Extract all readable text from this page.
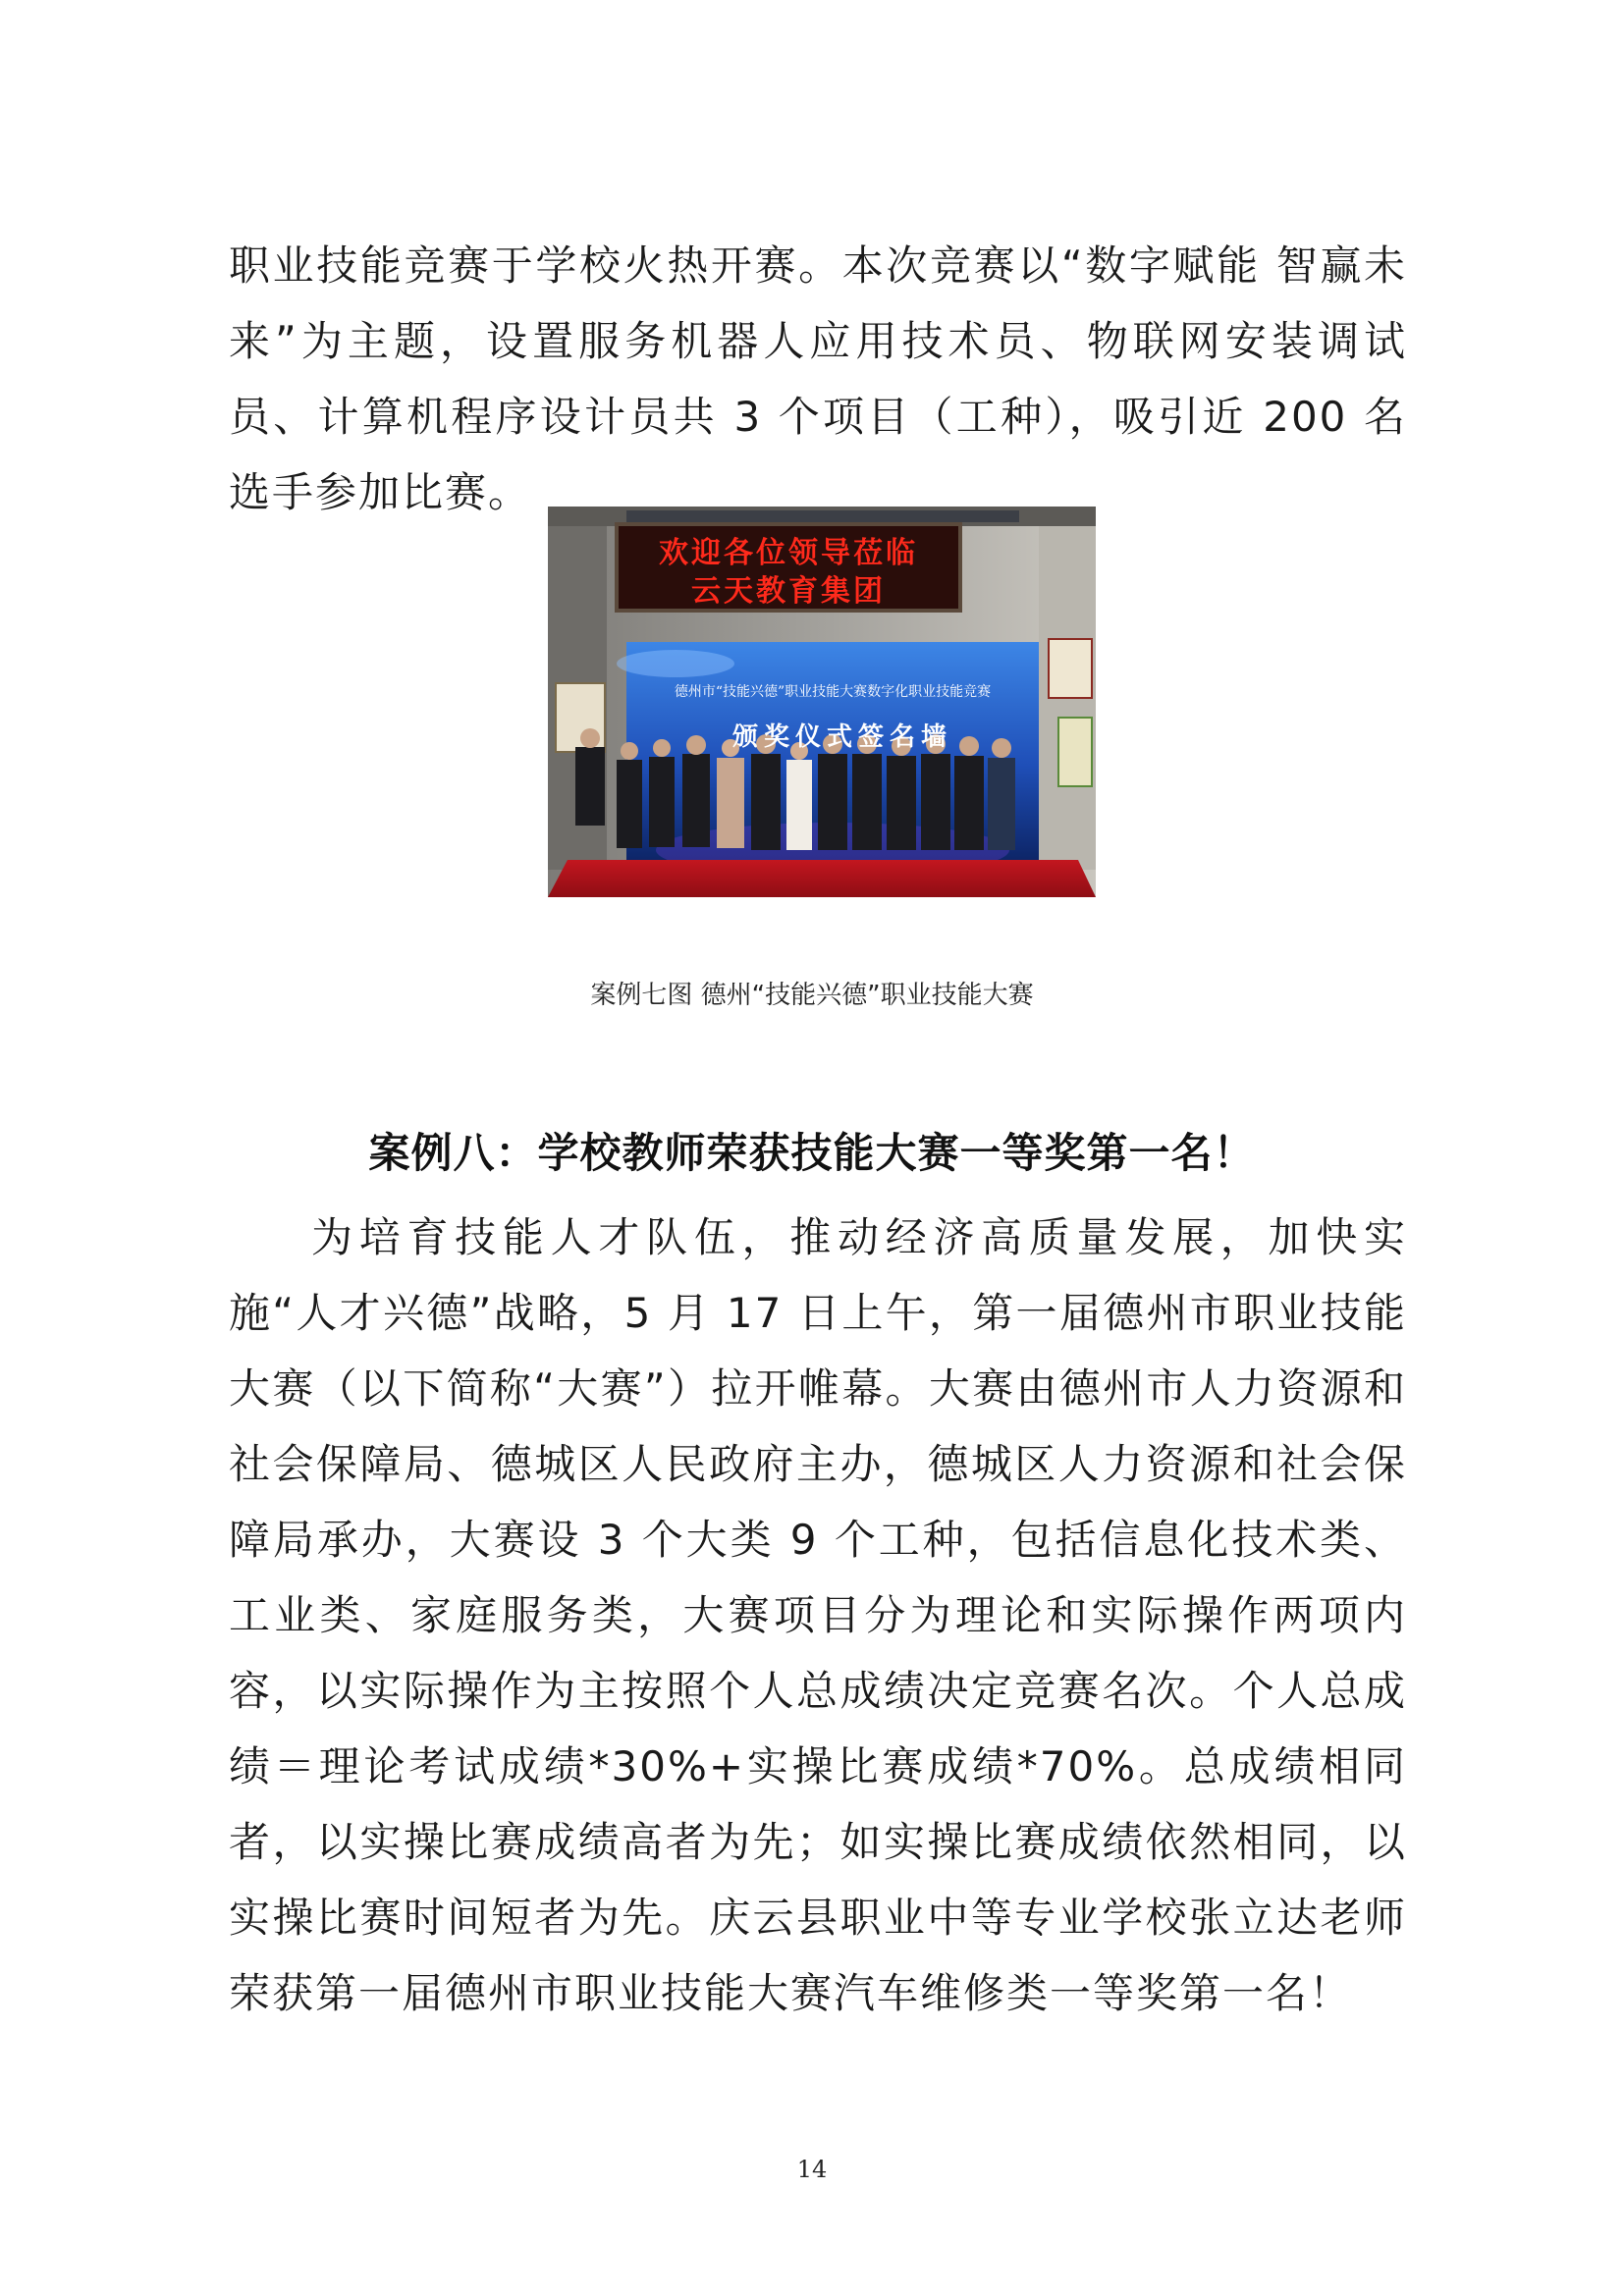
职业技能竞赛于学校火热开赛。本次竞赛以“数字赋能 智赢未来”为主题，设置服务机器人应用技术员、物联网安装调试员、计算机程序设计员共 3 个项目（工种），吸引近 200 名选手参加比赛。

欢迎各位领导莅临
云天教育集团
德州市“技能兴德”职业技能大赛数字化职业技能竞赛
颁奖仪式签名墙
案例七图 德州“技能兴德”职业技能大赛
案例八：学校教师荣获技能大赛一等奖第一名！

为培育技能人才队伍，推动经济高质量发展，加快实施“人才兴德”战略，5 月 17 日上午，第一届德州市职业技能大赛（以下简称“大赛”）拉开帷幕。大赛由德州市人力资源和社会保障局、德城区人民政府主办，德城区人力资源和社会保障局承办，大赛设 3 个大类 9 个工种，包括信息化技术类、工业类、家庭服务类，大赛项目分为理论和实际操作两项内容，以实际操作为主按照个人总成绩决定竞赛名次。个人总成绩＝理论考试成绩*30%+实操比赛成绩*70%。总成绩相同者，以实操比赛成绩高者为先；如实操比赛成绩依然相同，以实操比赛时间短者为先。庆云县职业中等专业学校张立达老师荣获第一届德州市职业技能大赛汽车维修类一等奖第一名！

14
